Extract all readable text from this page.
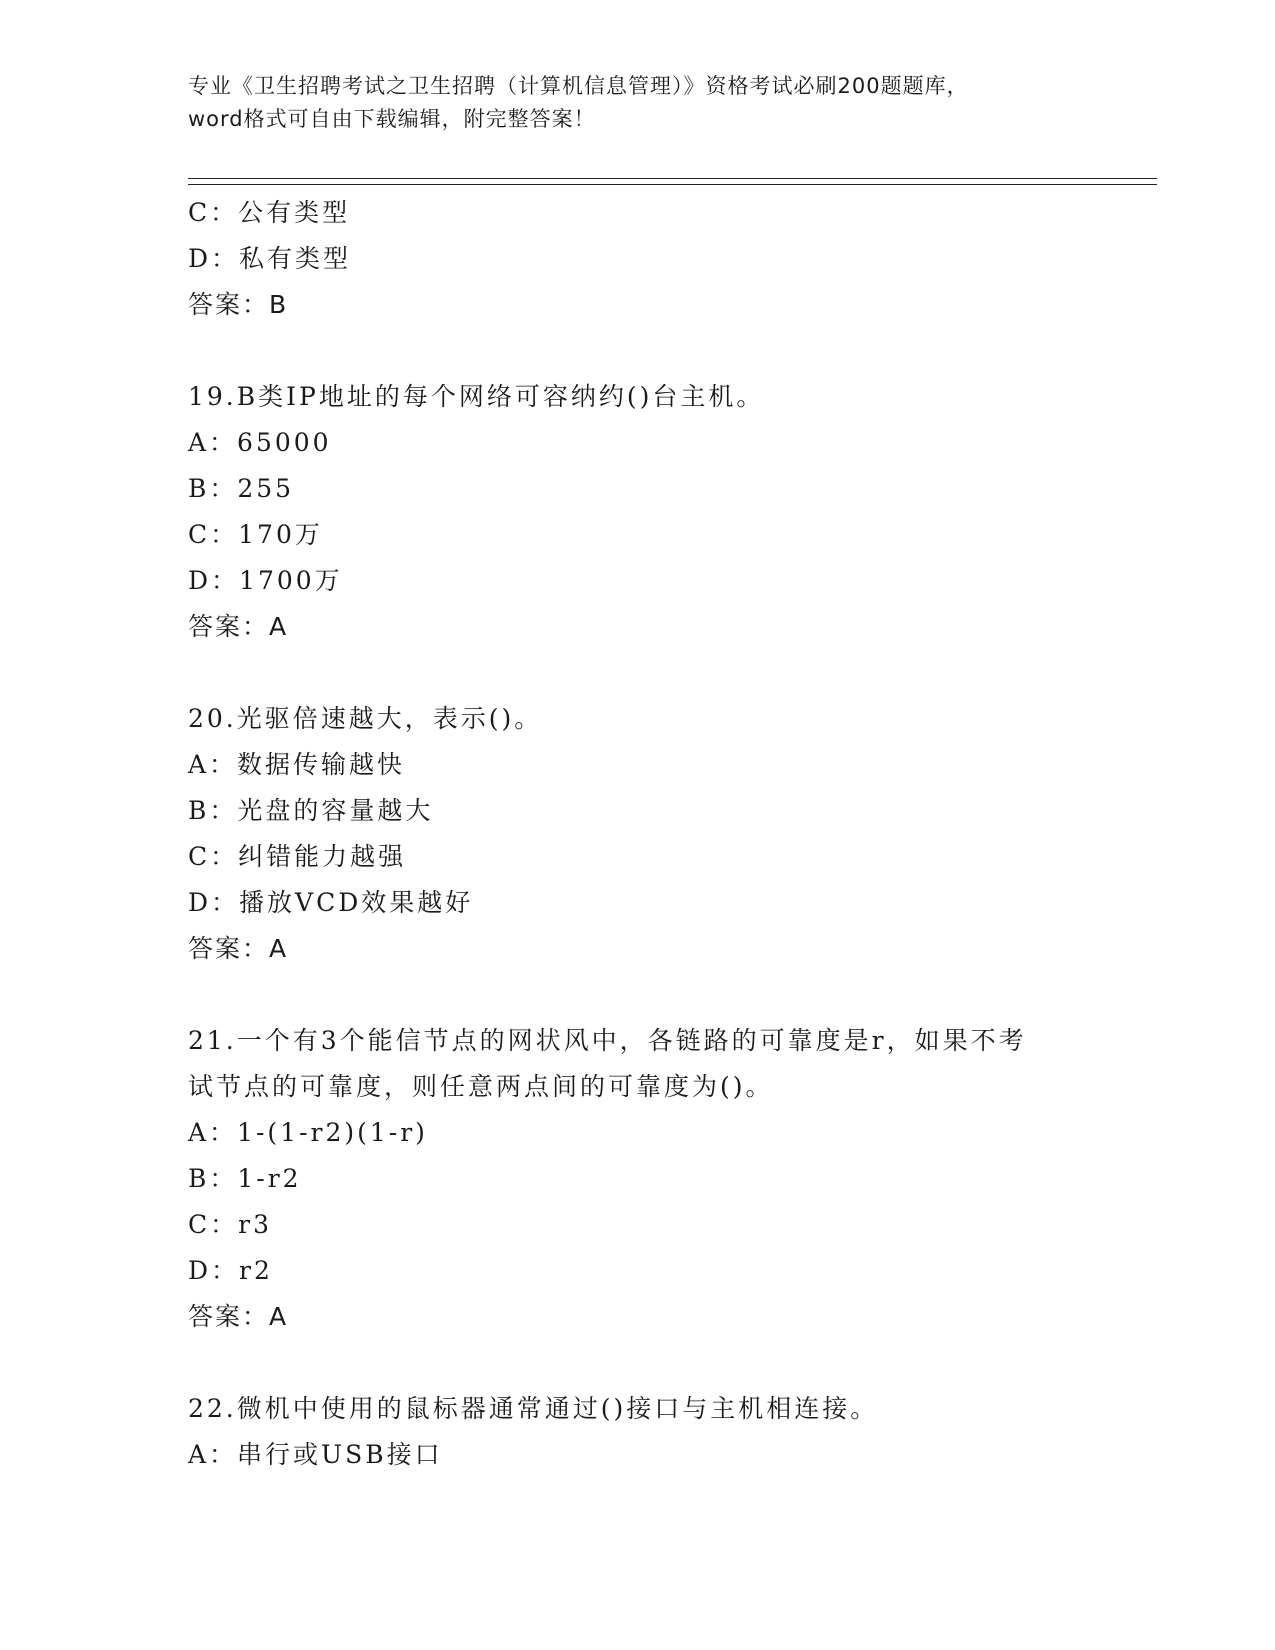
专业《卫生招聘考试之卫生招聘（计算机信息管理）》资格考试必刷200题题库，
word格式可自由下载编辑，附完整答案！
C：公有类型
D：私有类型
答案：B
19.B类IP地址的每个网络可容纳约()台主机。
A：65000
B：255
C：170万
D：1700万
答案：A
20.光驱倍速越大，表示()。
A：数据传输越快
B：光盘的容量越大
C：纠错能力越强
D：播放VCD效果越好
答案：A
21.一个有3个能信节点的网状风中，各链路的可靠度是r，如果不考
试节点的可靠度，则任意两点间的可靠度为()。
A：1-(1-r2)(1-r)
B：1-r2
C：r3
D：r2
答案：A
22.微机中使用的鼠标器通常通过()接口与主机相连接。
A：串行或USB接口
